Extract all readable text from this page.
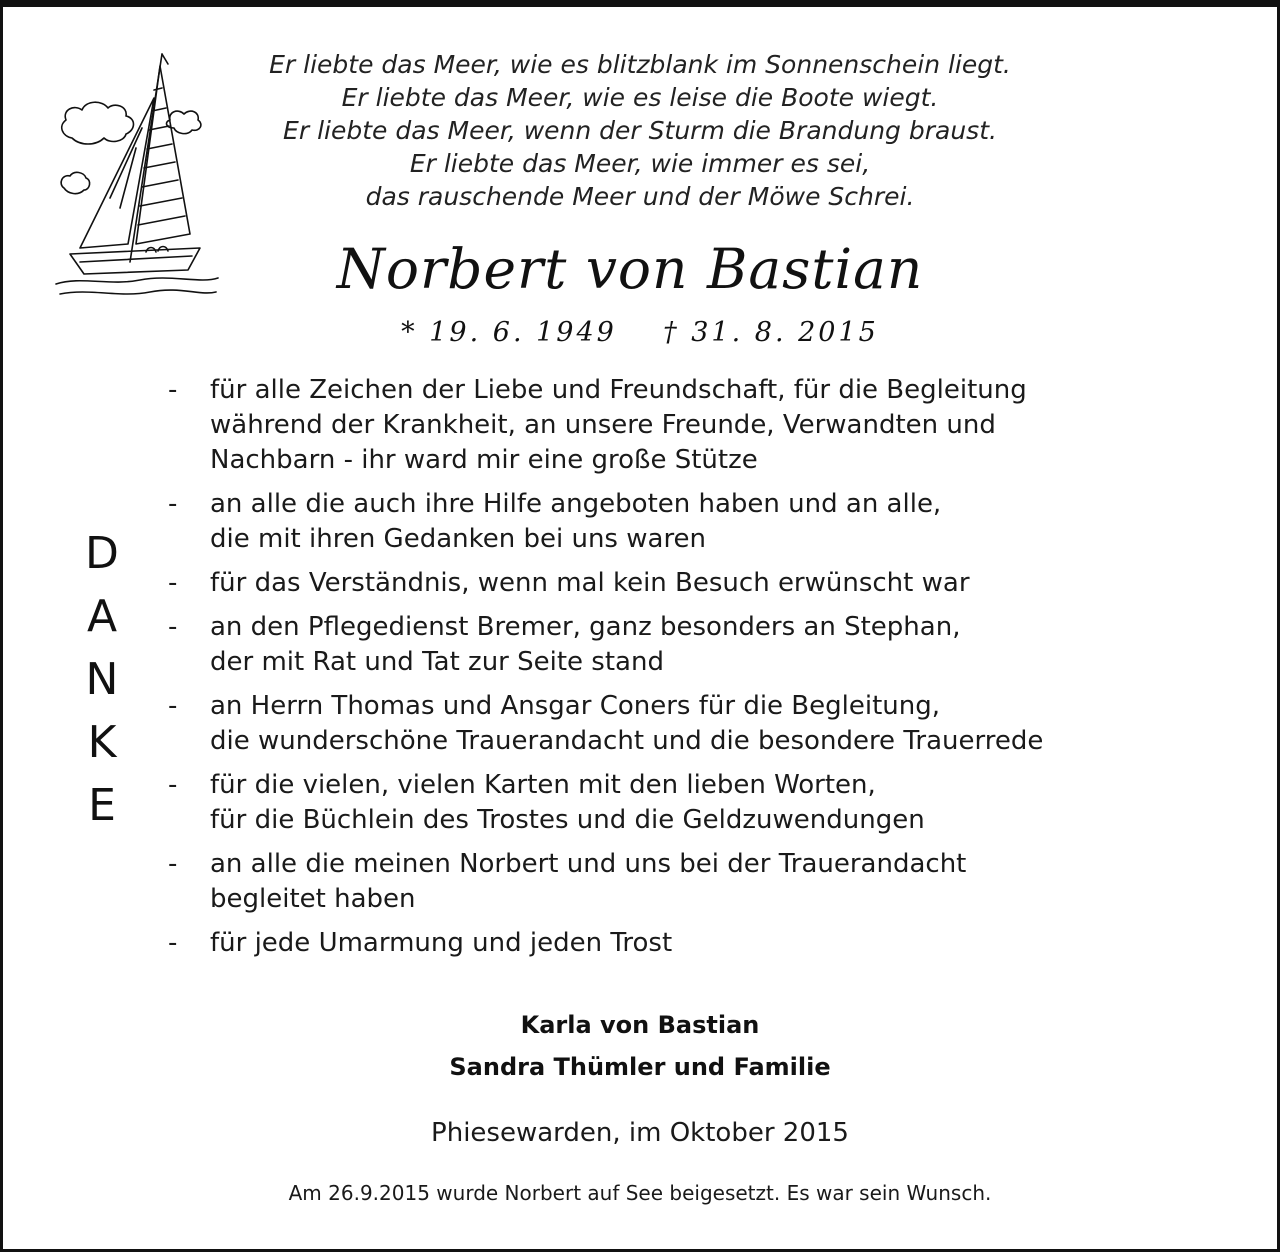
Er liebte das Meer, wie es blitzblank im Sonnenschein liegt.
Er liebte das Meer, wie es leise die Boote wiegt.
Er liebte das Meer, wenn der Sturm die Brandung braust.
Er liebte das Meer, wie immer es sei,
das rauschende Meer und der Möwe Schrei.
Norbert von Bastian
* 19. 6. 1949    † 31. 8. 2015
D
A
N
K
E
-	für alle Zeichen der Liebe und Freundschaft, für die Begleitung
während der Krankheit, an unsere Freunde, Verwandten und
Nachbarn - ihr ward mir eine große Stütze
-	an alle die auch ihre Hilfe angeboten haben und an alle,
die mit ihren Gedanken bei uns waren
-	für das Verständnis, wenn mal kein Besuch erwünscht war
-	an den Pflegedienst Bremer, ganz besonders an Stephan,
der mit Rat und Tat zur Seite stand
-	an Herrn Thomas und Ansgar Coners für die Begleitung,
die wunderschöne Trauerandacht und die besondere Trauerrede
-	für die vielen, vielen Karten mit den lieben Worten,
für die Büchlein des Trostes und die Geldzuwendungen
-	an alle die meinen Norbert und uns bei der Trauerandacht
begleitet haben
-	für jede Umarmung und jeden Trost
Karla von Bastian
Sandra Thümler und Familie
Phiesewarden, im Oktober 2015
Am 26.9.2015 wurde Norbert auf See beigesetzt. Es war sein Wunsch.
